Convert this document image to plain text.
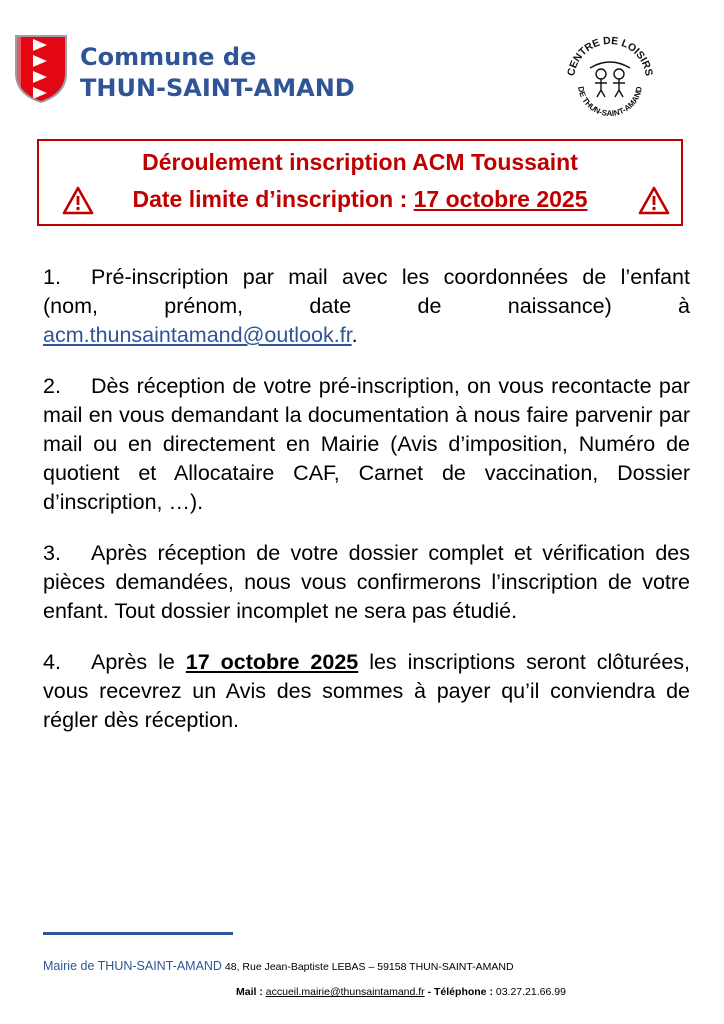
Commune de
THUN-SAINT-AMAND
CENTRE DE LOISIRS
DE THUN-SAINT-AMAND
Déroulement inscription ACM Toussaint
Date limite d’inscription : 17 octobre 2025

1. Pré-inscription par mail avec les coordonnées de l’enfant (nom, prénom, date de naissance) à acm.thunsaintamand@outlook.fr.

2. Dès réception de votre pré-inscription, on vous recontacte par mail en vous demandant la documentation à nous faire parvenir par mail ou en directement en Mairie (Avis d’imposition, Numéro de quotient et Allocataire CAF, Carnet de vaccination, Dossier d’inscription, …).

3. Après réception de votre dossier complet et vérification des pièces demandées, nous vous confirmerons l’inscription de votre enfant. Tout dossier incomplet ne sera pas étudié.

4. Après le 17 octobre 2025 les inscriptions seront clôturées, vous recevrez un Avis des sommes à payer qu’il conviendra de régler dès réception.

Mairie de THUN-SAINT-AMAND 48, Rue Jean-Baptiste LEBAS – 59158 THUN-SAINT-AMAND
Mail : accueil.mairie@thunsaintamand.fr - Téléphone : 03.27.21.66.99
